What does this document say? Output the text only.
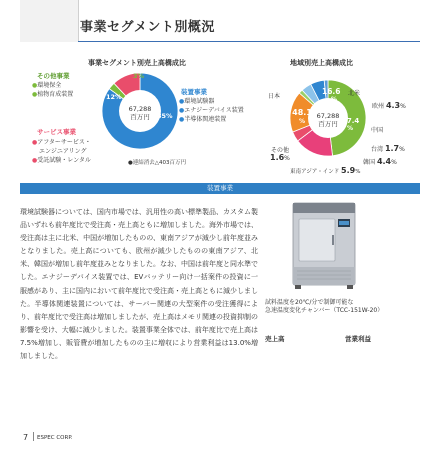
事業セグメント別概況
事業セグメント別売上高構成比
3%
12%
85%
67,288
百万円
その他事業
●環境保全
●植物育成装置
サービス事業
●アフターサービス・
エンジニアリング
●受託試験・レンタル
装置事業
●環境試験器
●エナジーデバイス装置
●半導体関連装置
●連結消去△403百万円
地域別売上高構成比
67,288
百万円
日本
48.1
%
北米
16.6
%
欧州 4.3%
中国
17.4
%
台湾 1.7%
韓国 4.4%
東南アジア・インド 5.9%
その他
1.6%
装置事業
環境試験器については、国内市場では、汎用性の高い標準製品、カスタム製品いずれも前年度比で受注高・売上高ともに増加しました。海外市場では、受注高は主に北米、中国が増加したものの、東南アジアが減少し前年度並みとなりました。売上高についても、欧州が減少したものの東南アジア、北米、韓国が増加し前年度並みとなりました。なお、中国は前年度と同水準でした。エナジーデバイス装置では、EVバッテリー向け一括案件の投資に一服感があり、主に国内において前年度比で受注高・売上高ともに減少しました。半導体関連装置については、サーバー関連の大型案件の受注獲得により、前年度比で受注高は増加しましたが、売上高はメモリ関連の投資抑制の影響を受け、大幅に減少しました。装置事業全体では、前年度比で売上高は7.5%増加し、販管費が増加したものの主に増収により営業利益は13.0%増加しました。
試料温度を20℃/分で制御可能な
急速温度変化チャンバー（TCC-151W-20）
売上高	営業利益
7 ESPEC CORP.
